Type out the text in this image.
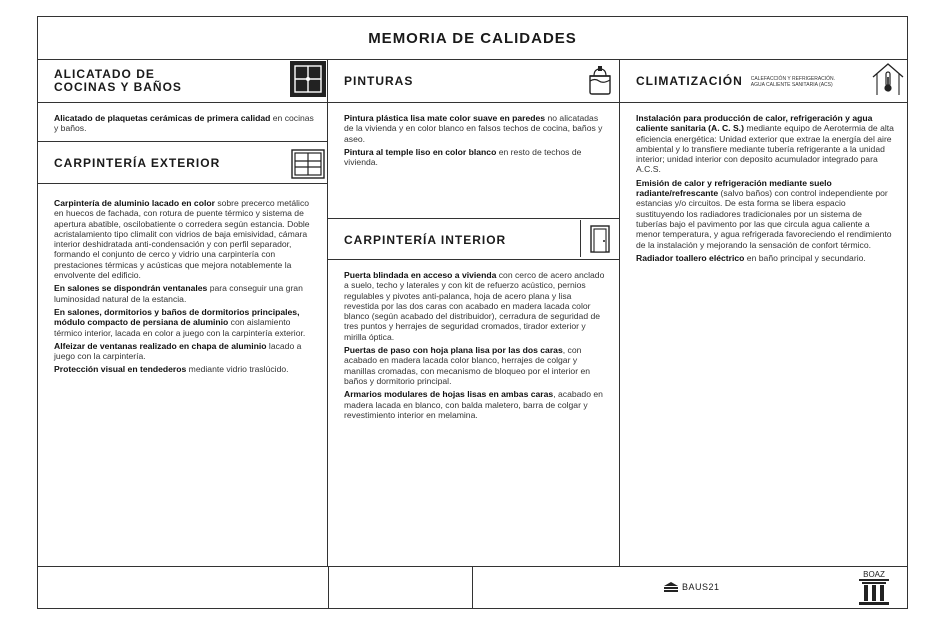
MEMORIA DE CALIDADES
ALICATADO DE
COCINAS Y BAÑOS

Alicatado de plaquetas cerámicas de primera calidad en cocinas y baños.

CARPINTERÍA EXTERIOR

Carpintería de aluminio lacado en color sobre precerco metálico en huecos de fachada, con rotura de puente térmico y sistema de apertura abatible, oscilobatiente o corredera según estancia. Doble acristalamiento tipo climalit con vidrios de baja emisividad, cámara interior deshidratada anti-condensación y con perfil separador, formando el conjunto de cerco y vidrio una carpintería con prestaciones térmicas y acústicas que mejora notablemente la envolvente del edificio.

En salones se dispondrán ventanales para conseguir una gran luminosidad natural de la estancia.

En salones, dormitorios y baños de dormitorios principales, módulo compacto de persiana de aluminio con aislamiento térmico interior, lacada en color a juego con la carpintería exterior.

Alfeizar de ventanas realizado en chapa de aluminio lacado a juego con la carpintería.

Protección visual en tendederos mediante vidrio traslúcido.

PINTURAS

Pintura plástica lisa mate color suave en paredes no alicatadas de la vivienda y en color blanco en falsos techos de cocina, baños y aseo.

Pintura al temple liso en color blanco en resto de techos de vivienda.

CARPINTERÍA INTERIOR

Puerta blindada en acceso a vivienda con cerco de acero anclado a suelo, techo y laterales y con kit de refuerzo acústico, pernios regulables y pivotes anti-palanca, hoja de acero plana y lisa revestida por las dos caras con acabado en madera lacada color blanco (según acabado del distribuidor), cerradura de seguridad de tres puntos y herrajes de seguridad cromados, tirador exterior y mirilla óptica.

Puertas de paso con hoja plana lisa por las dos caras, con acabado en madera lacada color blanco, herrajes de colgar y manillas cromadas, con mecanismo de bloqueo por el interior en baños y dormitorio principal.

Armarios modulares de hojas lisas en ambas caras, acabado en madera lacada en blanco, con balda maletero, barra de colgar y revestimiento interior en melamina.

CLIMATIZACIÓN CALEFACCIÓN Y REFRIGERACIÓN.
AGUA CALIENTE SANITARIA (ACS)

Instalación para producción de calor, refrigeración y agua caliente sanitaria (A. C. S.) mediante equipo de Aerotermia de alta eficiencia energética: Unidad exterior que extrae la energía del aire ambiental y lo transfiere mediante tubería refrigerante a la unidad interior; unidad interior con deposito acumulador integrado para A.C.S.

Emisión de calor y refrigeración mediante suelo radiante/refrescante (salvo baños) con control independiente por estancias y/o circuitos. De esta forma se libera espacio sustituyendo los radiadores tradicionales por un sistema de tuberías bajo el pavimento por las que circula agua caliente a menor temperatura, y agua refrigerada favoreciendo el rendimiento de la instalación y mejorando la sensación de confort térmico.

Radiador toallero eléctrico en baño principal y secundario.

BAUS21
BOAZ
